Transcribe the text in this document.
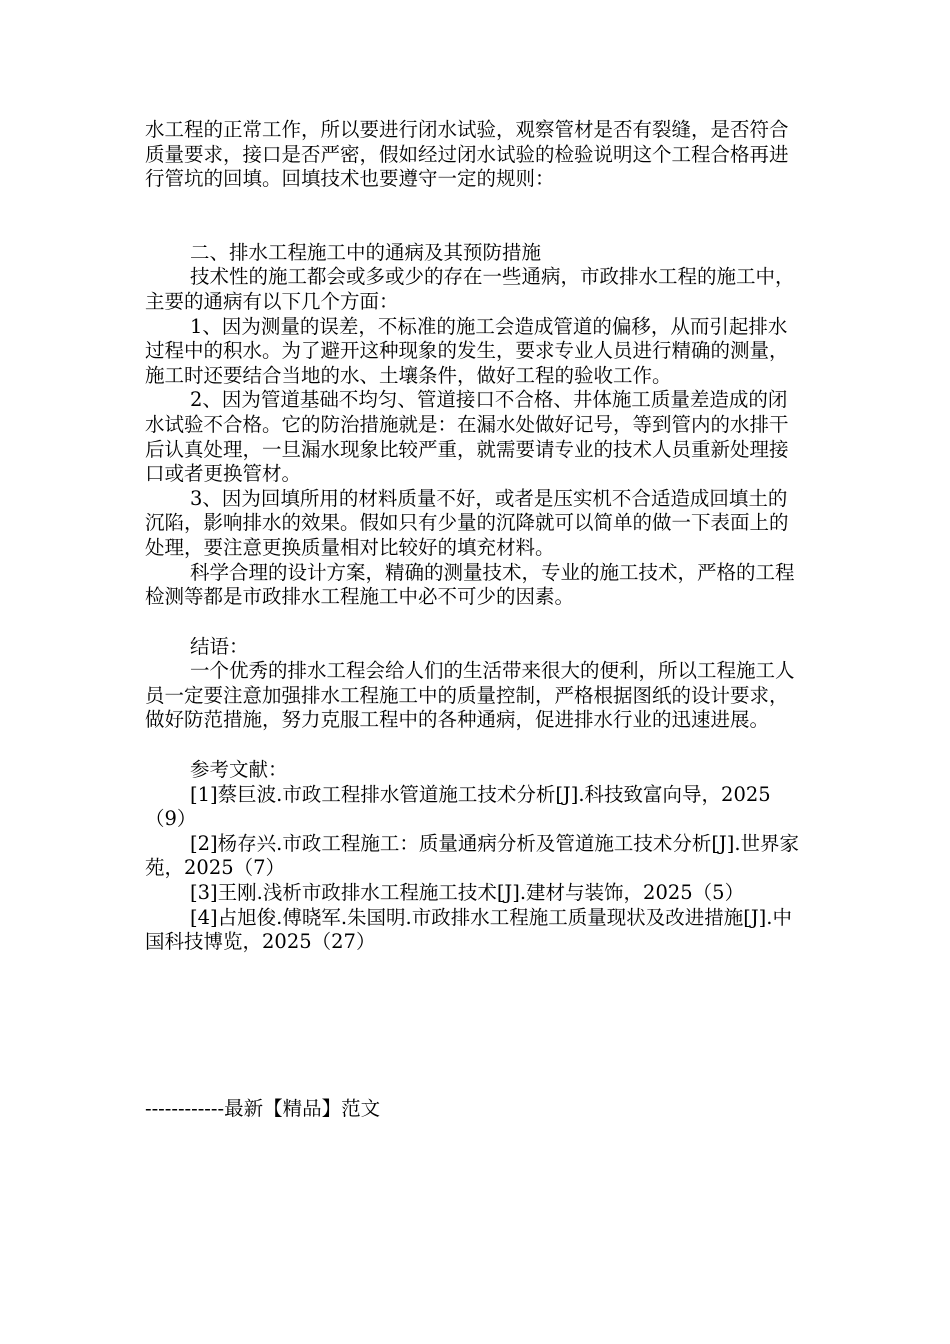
水工程的正常工作，所以要进行闭水试验，观察管材是否有裂缝，是否符合质量要求，接口是否严密，假如经过闭水试验的检验说明这个工程合格再进行管坑的回填。回填技术也要遵守一定的规则：

二、排水工程施工中的通病及其预防措施

技术性的施工都会或多或少的存在一些通病，市政排水工程的施工中，主要的通病有以下几个方面：

1、因为测量的误差，不标准的施工会造成管道的偏移，从而引起排水过程中的积水。为了避开这种现象的发生，要求专业人员进行精确的测量，施工时还要结合当地的水、土壤条件，做好工程的验收工作。

2、因为管道基础不均匀、管道接口不合格、井体施工质量差造成的闭水试验不合格。它的防治措施就是：在漏水处做好记号，等到管内的水排干后认真处理，一旦漏水现象比较严重，就需要请专业的技术人员重新处理接口或者更换管材。

3、因为回填所用的材料质量不好，或者是压实机不合适造成回填土的沉陷，影响排水的效果。假如只有少量的沉降就可以简单的做一下表面上的处理，要注意更换质量相对比较好的填充材料。

科学合理的设计方案，精确的测量技术，专业的施工技术，严格的工程检测等都是市政排水工程施工中必不可少的因素。

结语：

一个优秀的排水工程会给人们的生活带来很大的便利，所以工程施工人员一定要注意加强排水工程施工中的质量控制，严格根据图纸的设计要求，做好防范措施，努力克服工程中的各种通病，促进排水行业的迅速进展。

参考文献：

[1]蔡巨波.市政工程排水管道施工技术分析[J].科技致富向导，2025（9）

[2]杨存兴.市政工程施工：质量通病分析及管道施工技术分析[J].世界家苑，2025（7）

[3]王刚.浅析市政排水工程施工技术[J].建材与装饰，2025（5）

[4]占旭俊.傅晓军.朱国明.市政排水工程施工质量现状及改进措施[J].中国科技博览，2025（27）

------------最新【精品】范文
